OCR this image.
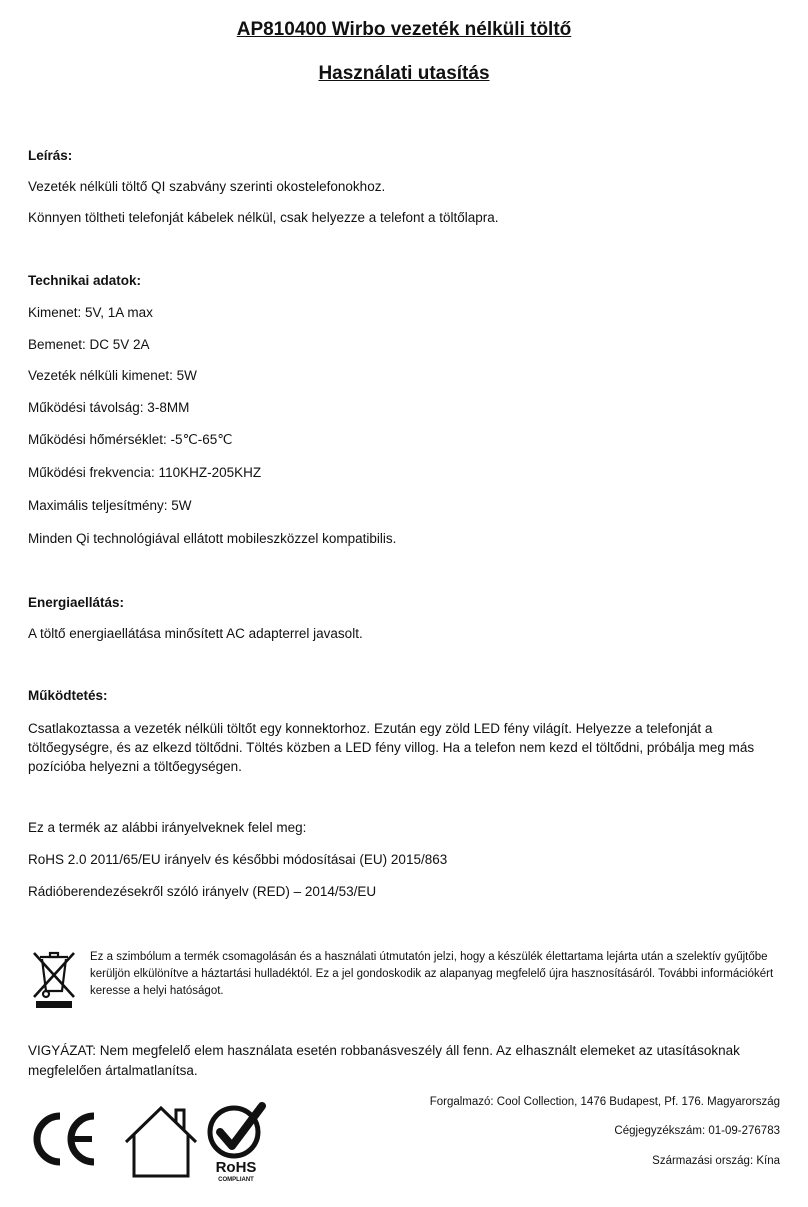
AP810400 Wirbo vezeték nélküli töltő
Használati utasítás
Leírás:
Vezeték nélküli töltő QI szabvány szerinti okostelefonokhoz.
Könnyen töltheti telefonját kábelek nélkül, csak helyezze a telefont a töltőlapra.
Technikai adatok:
Kimenet: 5V, 1A max
Bemenet: DC 5V 2A
Vezeték nélküli kimenet: 5W
Működési távolság: 3-8MM
Működési hőmérséklet: -5℃-65℃
Működési frekvencia: 110KHZ-205KHZ
Maximális teljesítmény: 5W
Minden Qi technológiával ellátott mobileszközzel kompatibilis.
Energiaellátás:
A töltő energiaellátása minősített AC adapterrel javasolt.
Működtetés:
Csatlakoztassa a vezeték nélküli töltőt egy konnektorhoz. Ezután egy zöld LED fény világít. Helyezze a telefonját a töltőegységre, és az elkezd töltődni. Töltés közben a LED fény villog. Ha a telefon nem kezd el töltődni, próbálja meg más pozícióba helyezni a töltőegységen.
Ez a termék az alábbi irányelveknek felel meg:
RoHS 2.0 2011/65/EU irányelv és későbbi módosításai (EU) 2015/863
Rádióberendezésekről szóló irányelv (RED) – 2014/53/EU
Ez a szimbólum a termék csomagolásán és a használati útmutatón jelzi, hogy a készülék élettartama lejárta után a szelektív gyűjtőbe kerüljön elkülönítve a háztartási hulladéktól. Ez a jel gondoskodik az alapanyag megfelelő újra hasznosításáról. További információkért keresse a helyi hatóságot.
VIGYÁZAT: Nem megfelelő elem használata esetén robbanásveszély áll fenn. Az elhasznált elemeket az utasításoknak megfelelően ártalmatlanítsa.
RoHS
COMPLIANT
Forgalmazó: Cool Collection, 1476 Budapest, Pf. 176. Magyarország
Cégjegyzékszám: 01-09-276783
Származási ország: Kína
